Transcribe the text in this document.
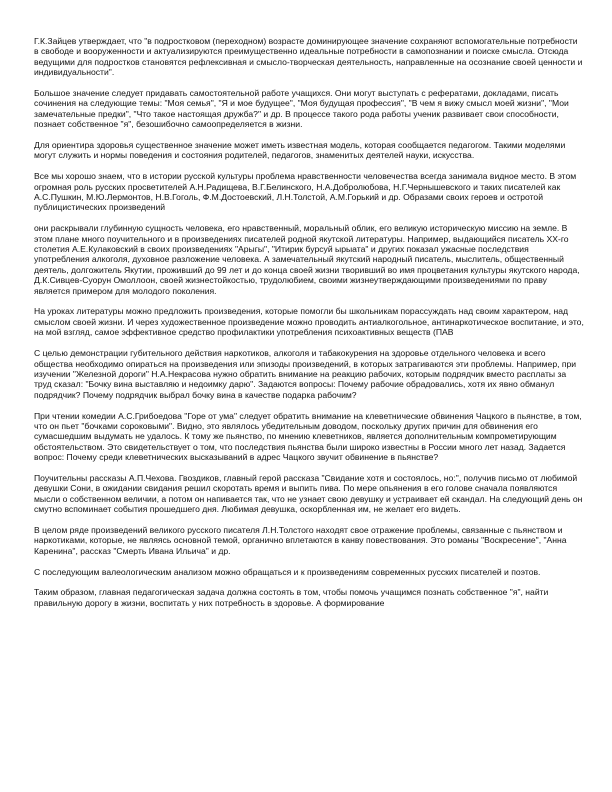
Г.К.Зайцев утверждает, что "в подростковом (переходном) возрасте доминирующее значение сохраняют вспомогательные потребности в свободе и вооруженности и актуализируются преимущественно идеальные потребности в самопознании и поиске смысла. Отсюда ведущими для подростков становятся рефлексивная и смысло-творческая деятельность, направленные на осознание своей ценности и индивидуальности".

Большое значение следует придавать самостоятельной работе учащихся. Они могут выступать с рефератами, докладами, писать сочинения на следующие темы: "Моя семья", "Я и мое будущее", "Моя будущая профессия", "В чем я вижу смысл моей жизни", "Мои замечательные предки", "Что такое настоящая дружба?" и др. В процессе такого рода работы ученик развивает свои способности, познает собственное "я", безошибочно самоопределяется в жизни.

Для ориентира здоровья существенное значение может иметь известная модель, которая сообщается педагогом. Такими моделями могут служить и нормы поведения и состояния родителей, педагогов, знаменитых деятелей науки, искусства.

Все мы хорошо знаем, что в истории русской культуры проблема нравственности человечества всегда занимала видное место. В этом огромная роль русских просветителей А.Н.Радищева, В.Г.Белинского, Н.А.Добролюбова, Н.Г.Чернышевского и таких писателей как А.С.Пушкин, М.Ю.Лермонтов, Н.В.Гоголь, Ф.М.Достоевский, Л.Н.Толстой, А.М.Горький и др. Образами своих героев и остротой публицистических произведений

они раскрывали глубинную сущность человека, его нравственный, моральный облик, его великую историческую миссию на земле. В этом плане много поучительного и в произведениях писателей родной якутской литературы. Например, выдающийся писатель ХХ-го столетия А.Е.Кулаковский в своих произведениях "Арыгы", "Итирик бурсуй ырыата" и других показал ужасные последствия употребления алкоголя, духовное разложение человека. А замечательный якутский народный писатель, мыслитель, общественный деятель, долгожитель Якутии, проживший до 99 лет и до конца своей жизни творивший во имя процветания культуры якутского народа, Д.К.Сивцев-Суорун Омоллоон, своей жизнестойкостью, трудолюбием, своими жизнеутверждающими произведениями по праву является примером для молодого поколения.

На уроках литературы можно предложить произведения, которые помогли бы школьникам порассуждать над своим характером, над смыслом своей жизни. И через художественное произведение можно проводить антиалкогольное, антинаркотическое воспитание, и это, на мой взгляд, самое эффективное средство профилактики употребления психоактивных веществ (ПАВ

С целью демонстрации губительного действия наркотиков, алкоголя и табакокурения на здоровье отдельного человека и всего общества необходимо опираться на произведения или эпизоды произведений, в которых затрагиваются эти проблемы. Например, при изучении "Железной дороги" Н.А.Некрасова нужно обратить внимание на реакцию рабочих, которым подрядчик вместо расплаты за труд сказал: "Бочку вина выставляю и недоимку дарю". Задаются вопросы: Почему рабочие обрадовались, хотя их явно обманул подрядчик? Почему подрядчик выбрал бочку вина в качестве подарка рабочим?

При чтении комедии А.С.Грибоедова "Горе от ума" следует обратить внимание на клеветнические обвинения Чацкого в пьянстве, в том, что он пьет "бочками сороковыми". Видно, это являлось убедительным доводом, поскольку других причин для обвинения его сумасшедшим выдумать не удалось. К тому же пьянство, по мнению клеветников, является дополнительным компрометирующим обстоятельством. Это свидетельствует о том, что последствия пьянства были широко известны в России много лет назад. Задается вопрос: Почему среди клеветнических высказываний в адрес Чацкого звучит обвинение в пьянстве?

Поучительны рассказы А.П.Чехова. Гвоздиков, главный герой рассказа "Свидание хотя и состоялось, но:", получив письмо от любимой девушки Сони, в ожидании свидания решил скоротать время и выпить пива. По мере опьянения в его голове сначала появляются мысли о собственном величии, а потом он напивается так, что не узнает свою девушку и устраивает ей скандал. На следующий день он смутно вспоминает события прошедшего дня. Любимая девушка, оскорбленная им, не желает его видеть.

В целом ряде произведений великого русского писателя Л.Н.Толстого находят свое отражение проблемы, связанные с пьянством и наркотиками, которые, не являясь основной темой, органично вплетаются в канву повествования. Это романы "Воскресение", "Анна Каренина", рассказ "Смерть Ивана Ильича" и др.

С последующим валеологическим анализом можно обращаться и к произведениям современных русских писателей и поэтов.

Таким образом, главная педагогическая задача должна состоять в том, чтобы помочь учащимся познать собственное "я", найти правильную дорогу в жизни, воспитать у них потребность в здоровье. А формирование
